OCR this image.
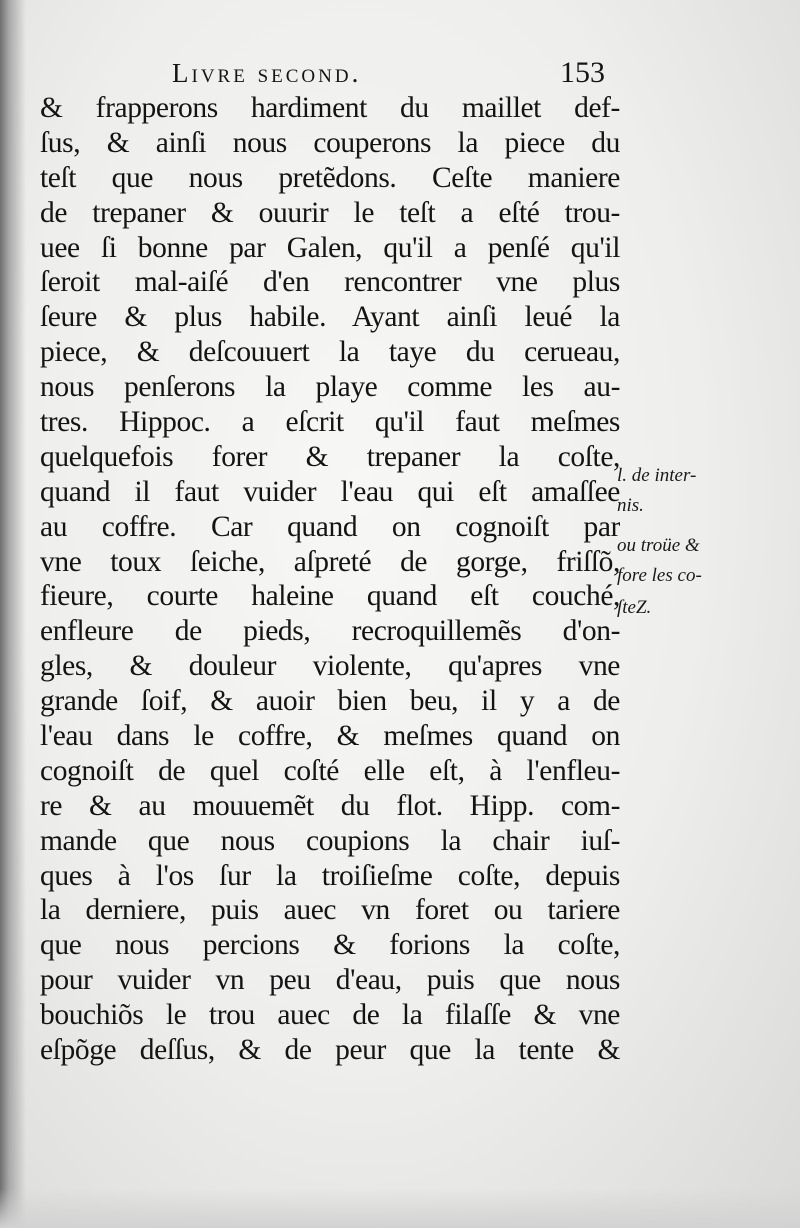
Livre second.	153
& frapperons hardiment du maillet def-
ſus, & ainſi nous couperons la piece du
teſt que nous pretẽdons. Ceſte maniere
de trepaner & ouurir le teſt a eſté trou-
uee ſi bonne par Galen, qu'il a penſé qu'il
ſeroit mal-aiſé d'en rencontrer vne plus
ſeure & plus habile. Ayant ainſi leué la
piece, & deſcouuert la taye du cerueau,
nous penſerons la playe comme les au-
tres. Hippoc. a eſcrit qu'il faut meſmes
quelquefois forer & trepaner la coſte,
quand il faut vuider l'eau qui eſt amaſſee
au coffre. Car quand on cognoiſt par
vne toux ſeiche, aſpreté de gorge, friſſõ,
fieure, courte haleine quand eſt couché,
enfleure de pieds, recroquillemẽs d'on-
gles, & douleur violente, qu'apres vne
grande ſoif, & auoir bien beu, il y a de
l'eau dans le coffre, & meſmes quand on
cognoiſt de quel coſté elle eſt, à l'enfleu-
re & au mouuemẽt du flot. Hipp. com-
mande que nous coupions la chair iuſ-
ques à l'os ſur la troiſieſme coſte, depuis
la derniere, puis auec vn foret ou tariere
que nous percions & forions la coſte,
pour vuider vn peu d'eau, puis que nous
bouchiõs le trou auec de la filaſſe & vne
eſpõge deſſus, & de peur que la tente &
l. de inter-
nis.
ou troüe &
fore les co-
ſteZ.
